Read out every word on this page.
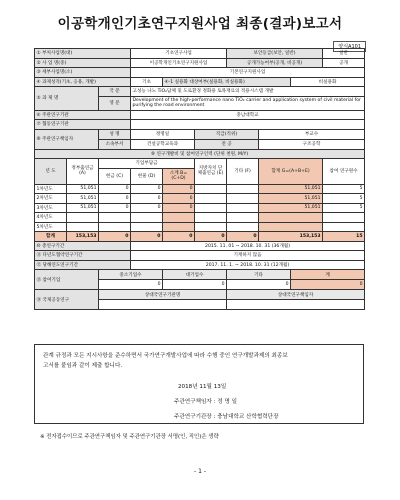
이공학개인기초연구지원사업 최종(결과)보고서
양식A101
① 부처사업명(대)			기초연구사업			보안등급(보안, 일반)			일반
② 사 업 명(중)			이공학개인기초연구지원사업			공개가능여부(공개, 비공개)			공개
③ 세부사업명(소)			기본연구지원사업						
④ 과제성격(기초, 응용, 개발)			기초	④-1 실용화 대상여부(실용화, 비실용화)				비실용화	
⑤ 과 제 명		국 문	고성능 나노 TiO₂담체 및 도로환경 정화용 토목재료의 적용시스템 개발						
		영 문	Development of the high-performance nano TiO₂ carrier and application system of civil material for purifying the road environment						
⑥ 주관연구기관			충남대학교						
⑦ 협동연구기관									
⑧ 주관연구책임자		성 명	정명일		직급(직위)		부교수		
		소속부서	건설공학교육과		전 공		구조공학		
⑨ 연구개발비 및 참여연구인력 (단위 천원, M/Y)									
년 도	정부출연금 (A)	기업부담금			지방자치 단체출연금 (E)	기타 (F)	합계 G=(A+B+E)		참여 연구원수
		현금 (C)	현물 (D)	소계 B=(C+D)					
1차년도	51,051	0	0	0			51,051		5
2차년도	51,051	0	0	0			51,051		5
3차년도	51,051	0	0	0			51,051		5
4차년도									
5차년도									
합계	153,153	0	0	0	0	0	153,153		15
⑩ 총연구기간			2015. 11. 01 ~ 2018. 10. 31 (36개월)						
⑪ 다년도협약연구기간			기재하지 않음						
⑫ 당해연도연구기간			2017. 11. 1. ~ 2018. 10. 31 (12개월)						
⑬ 참여기업		중소기업수		대기업수		기타		계	
		0		0		0		0	
⑭ 국제공동연구		상대국연구기관명				상대국연구책임자			

관계 규정과 모든 지시사항을 준수하면서 국가연구개발사업에 따라 수행 중인 연구개발과제의 최종보

고서를 붙임과 같이 제출 합니다.

2018년 11월 13일
주관연구책임자 : 정 명 일
주관연구기관장 : 충남대학교 산학협력단장
※ 전자접수이므로 주관연구책임자 및 주관연구기관장 서명(인, 직인)은 생략
- 1 -
